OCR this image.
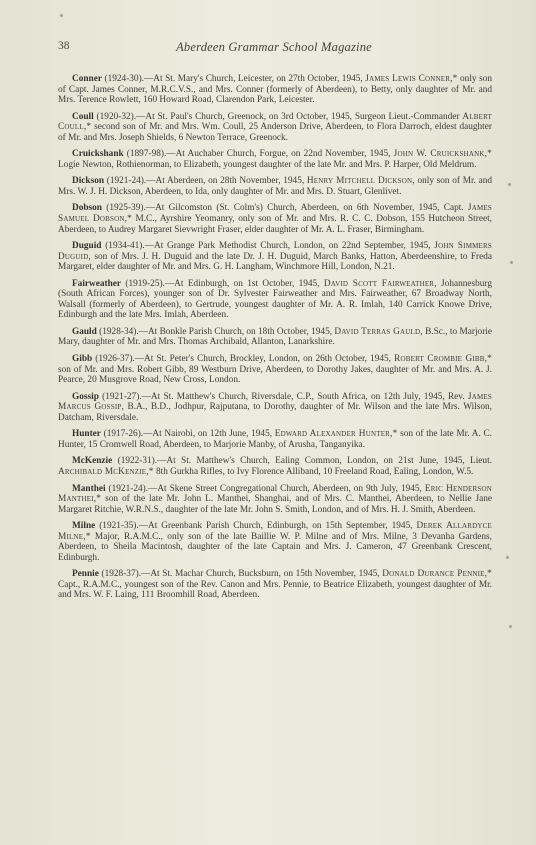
38	Aberdeen Grammar School Magazine

Conner (1924-30).—At St. Mary's Church, Leicester, on 27th October, 1945, James Lewis Conner,* only son of Capt. James Conner, M.R.C.V.S., and Mrs. Conner (formerly of Aberdeen), to Betty, only daughter of Mr. and Mrs. Terence Rowlett, 160 Howard Road, Clarendon Park, Leicester.

Coull (1920-32).—At St. Paul's Church, Greenock, on 3rd October, 1945, Surgeon Lieut.-Commander Albert Coull,* second son of Mr. and Mrs. Wm. Coull, 25 Anderson Drive, Aberdeen, to Flora Darroch, eldest daughter of Mr. and Mrs. Joseph Shields, 6 Newton Terrace, Greenock.

Cruickshank (1897-98).—At Auchaber Church, Forgue, on 22nd November, 1945, John W. Cruickshank,* Logie Newton, Rothienorman, to Elizabeth, youngest daughter of the late Mr. and Mrs. P. Harper, Old Meldrum.

Dickson (1921-24).—At Aberdeen, on 28th November, 1945, Henry Mitchell Dickson, only son of Mr. and Mrs. W. J. H. Dickson, Aberdeen, to Ida, only daughter of Mr. and Mrs. D. Stuart, Glenlivet.

Dobson (1925-39).—At Gilcomston (St. Colm's) Church, Aberdeen, on 6th November, 1945, Capt. James Samuel Dobson,* M.C., Ayrshire Yeomanry, only son of Mr. and Mrs. R. C. C. Dobson, 155 Hutcheon Street, Aberdeen, to Audrey Margaret Sievwright Fraser, elder daughter of Mr. A. L. Fraser, Birmingham.

Duguid (1934-41).—At Grange Park Methodist Church, London, on 22nd September, 1945, John Simmers Duguid, son of Mrs. J. H. Duguid and the late Dr. J. H. Duguid, March Banks, Hatton, Aberdeenshire, to Freda Margaret, elder daughter of Mr. and Mrs. G. H. Langham, Winchmore Hill, London, N.21.

Fairweather (1919-25).—At Edinburgh, on 1st October, 1945, David Scott Fairweather, Johannesburg (South African Forces), younger son of Dr. Sylvester Fairweather and Mrs. Fairweather, 67 Broadway North, Walsall (formerly of Aberdeen), to Gertrude, youngest daughter of Mr. A. R. Imlah, 140 Carrick Knowe Drive, Edinburgh and the late Mrs. Imlah, Aberdeen.

Gauld (1928-34).—At Bonkle Parish Church, on 18th October, 1945, David Terras Gauld, B.Sc., to Marjorie Mary, daughter of Mr. and Mrs. Thomas Archibald, Allanton, Lanarkshire.

Gibb (1926-37).—At St. Peter's Church, Brockley, London, on 26th October, 1945, Robert Crombie Gibb,* son of Mr. and Mrs. Robert Gibb, 89 Westburn Drive, Aberdeen, to Dorothy Jakes, daughter of Mr. and Mrs. A. J. Pearce, 20 Musgrove Road, New Cross, London.

Gossip (1921-27).—At St. Matthew's Church, Riversdale, C.P., South Africa, on 12th July, 1945, Rev. James Marcus Gossip, B.A., B.D., Jodhpur, Rajputana, to Dorothy, daughter of Mr. Wilson and the late Mrs. Wilson, Datcham, Riversdale.

Hunter (1917-26).—At Nairobi, on 12th June, 1945, Edward Alexander Hunter,* son of the late Mr. A. C. Hunter, 15 Cromwell Road, Aberdeen, to Marjorie Manby, of Arusha, Tanganyika.

McKenzie (1922-31).—At St. Matthew's Church, Ealing Common, London, on 21st June, 1945, Lieut. Archibald McKenzie,* 8th Gurkha Rifles, to Ivy Florence Alliband, 10 Freeland Road, Ealing, London, W.5.

Manthei (1921-24).—At Skene Street Congregational Church, Aberdeen, on 9th July, 1945, Eric Henderson Manthei,* son of the late Mr. John L. Manthei, Shanghai, and of Mrs. C. Manthei, Aberdeen, to Nellie Jane Margaret Ritchie, W.R.N.S., daughter of the late Mr. John S. Smith, London, and of Mrs. H. J. Smith, Aberdeen.

Milne (1921-35).—At Greenbank Parish Church, Edinburgh, on 15th September, 1945, Derek Allardyce Milne,* Major, R.A.M.C., only son of the late Baillie W. P. Milne and of Mrs. Milne, 3 Devanha Gardens, Aberdeen, to Sheila Macintosh, daughter of the late Captain and Mrs. J. Cameron, 47 Greenbank Crescent, Edinburgh.

Pennie (1928-37).—At St. Machar Church, Bucksburn, on 15th November, 1945, Donald Durance Pennie,* Capt., R.A.M.C., youngest son of the Rev. Canon and Mrs. Pennie, to Beatrice Elizabeth, youngest daughter of Mr. and Mrs. W. F. Laing, 111 Broomhill Road, Aberdeen.
